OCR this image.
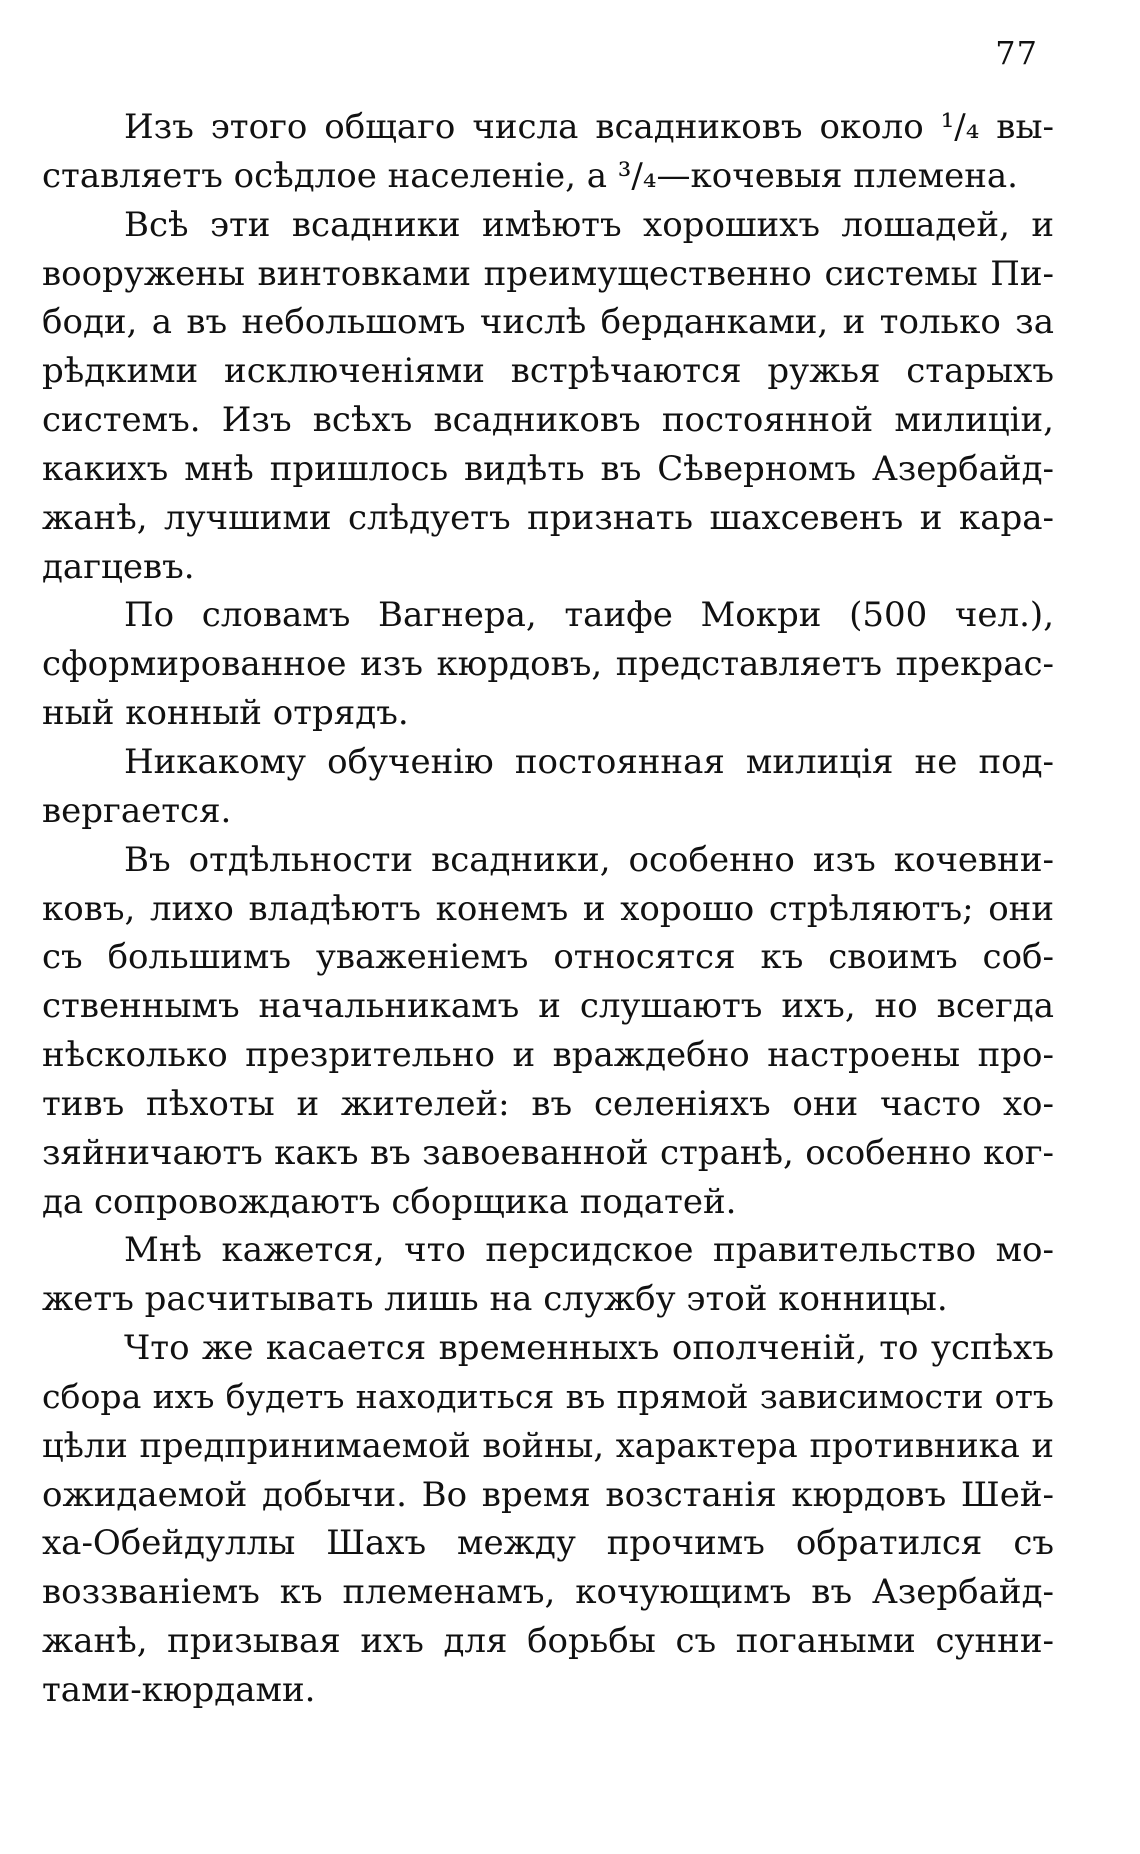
77

Изъ этого общаго числа всадниковъ около ¹/₄ вы-
ставляетъ осѣдлое населеніе, а ³/₄—кочевыя племена.

Всѣ эти всадники имѣютъ хорошихъ лошадей, и
вооружены винтовками преимущественно системы Пи-
боди, а въ небольшомъ числѣ берданками, и только за
рѣдкими исключеніями встрѣчаются ружья старыхъ
системъ. Изъ всѣхъ всадниковъ постоянной милиціи,
какихъ мнѣ пришлось видѣть въ Сѣверномъ Азербайд-
жанѣ, лучшими слѣдуетъ признать шахсевенъ и кара-
дагцевъ.

По словамъ Вагнера, таифе Мокри (500 чел.),
сформированное изъ кюрдовъ, представляетъ прекрас-
ный конный отрядъ.

Никакому обученію постоянная милиція не под-
вергается.

Въ отдѣльности всадники, особенно изъ кочевни-
ковъ, лихо владѣютъ конемъ и хорошо стрѣляютъ; они
съ большимъ уваженіемъ относятся къ своимъ соб-
ственнымъ начальникамъ и слушаютъ ихъ, но всегда
нѣсколько презрительно и враждебно настроены про-
тивъ пѣхоты и жителей: въ селеніяхъ они часто хо-
зяйничаютъ какъ въ завоеванной странѣ, особенно ког-
да сопровождаютъ сборщика податей.

Мнѣ кажется, что персидское правительство мо-
жетъ расчитывать лишь на службу этой конницы.

Что же касается временныхъ ополченій, то успѣхъ
сбора ихъ будетъ находиться въ прямой зависимости отъ
цѣли предпринимаемой войны, характера противника и
ожидаемой добычи. Во время возстанія кюрдовъ Шей-
ха-Обейдуллы Шахъ между прочимъ обратился съ
воззваніемъ къ племенамъ, кочующимъ въ Азербайд-
жанѣ, призывая ихъ для борьбы съ погаными сунни-
тами-кюрдами.
